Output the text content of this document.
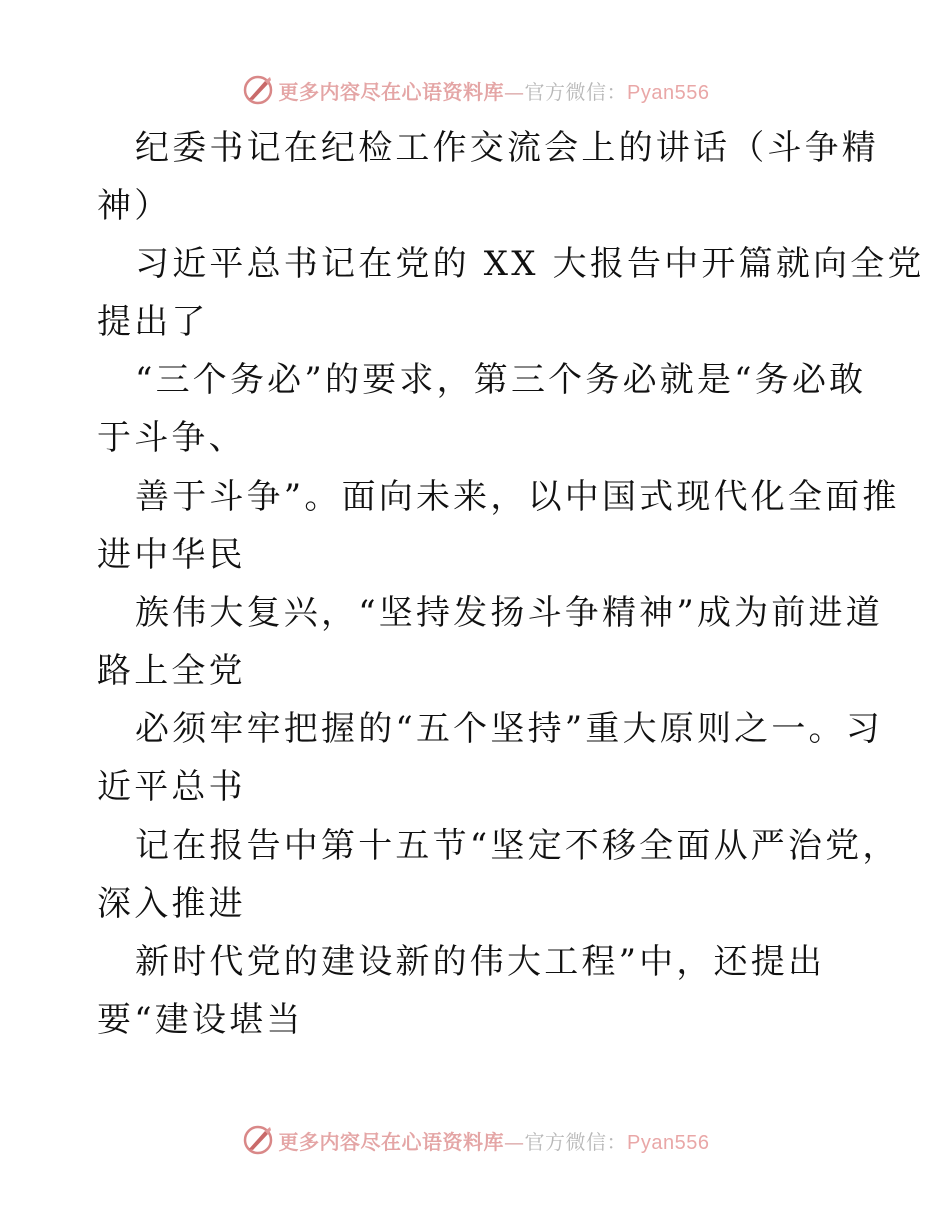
更多内容尽在心语资料库—官方微信：Pyan556
纪委书记在纪检工作交流会上的讲话（斗争精
神）
习近平总书记在党的 XX 大报告中开篇就向全党
提出了
“三个务必”的要求，第三个务必就是“务必敢
于斗争、
善于斗争”。面向未来，以中国式现代化全面推
进中华民
族伟大复兴，“坚持发扬斗争精神”成为前进道
路上全党
必须牢牢把握的“五个坚持”重大原则之一。习
近平总书
记在报告中第十五节“坚定不移全面从严治党，
深入推进
新时代党的建设新的伟大工程”中，还提出
要“建设堪当
更多内容尽在心语资料库—官方微信：Pyan556
